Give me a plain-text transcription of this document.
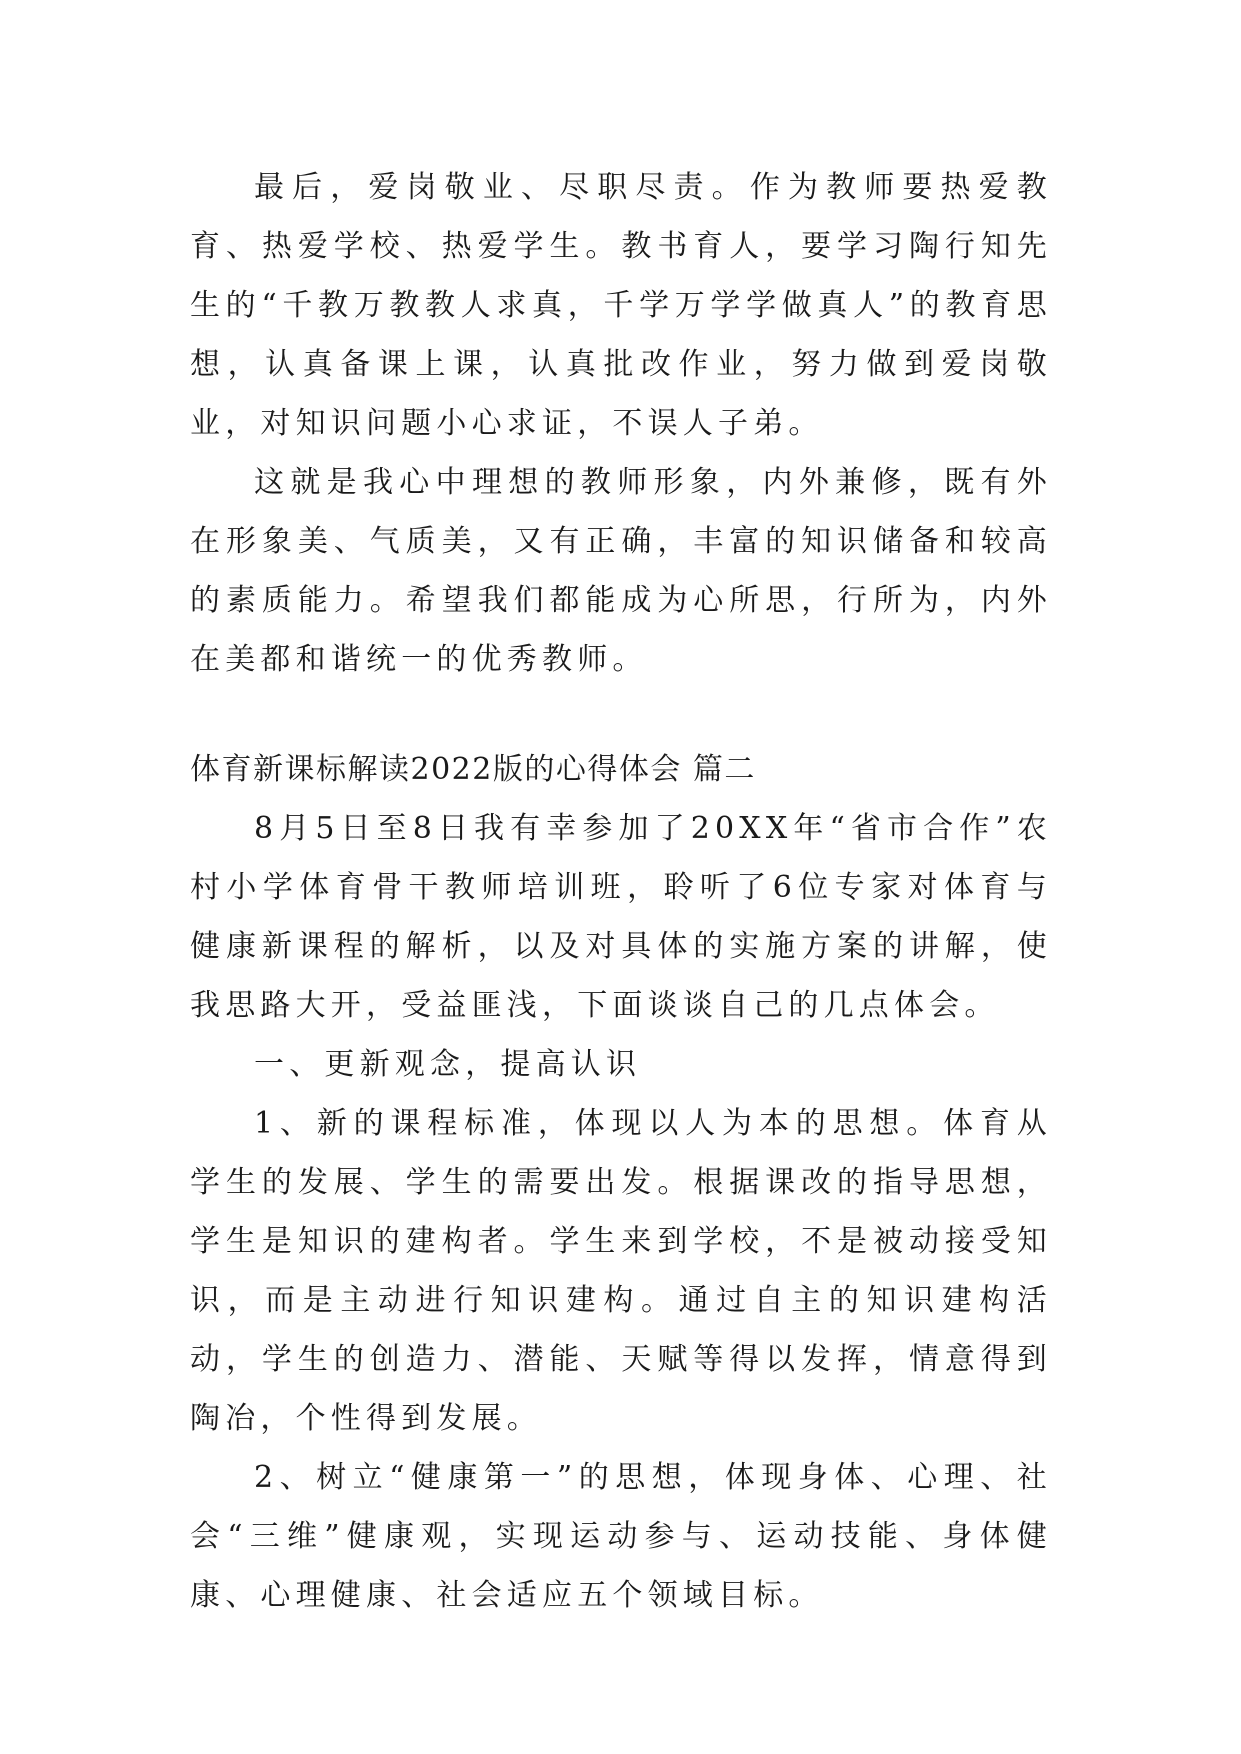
最后，爱岗敬业、尽职尽责。作为教师要热爱教育、热爱学校、热爱学生。教书育人，要学习陶行知先生的“千教万教教人求真，千学万学学做真人”的教育思想，认真备课上课，认真批改作业，努力做到爱岗敬业，对知识问题小心求证，不误人子弟。

这就是我心中理想的教师形象，内外兼修，既有外在形象美、气质美，又有正确，丰富的知识储备和较高的素质能力。希望我们都能成为心所思，行所为，内外在美都和谐统一的优秀教师。

体育新课标解读2022版的心得体会 篇二

8月5日至8日我有幸参加了20XX年“省市合作”农村小学体育骨干教师培训班，聆听了6位专家对体育与健康新课程的解析，以及对具体的实施方案的讲解，使我思路大开，受益匪浅，下面谈谈自己的几点体会。

一、更新观念，提高认识

1、新的课程标准，体现以人为本的思想。体育从学生的发展、学生的需要出发。根据课改的指导思想，学生是知识的建构者。学生来到学校，不是被动接受知识，而是主动进行知识建构。通过自主的知识建构活动，学生的创造力、潜能、天赋等得以发挥，情意得到陶冶，个性得到发展。

2、树立“健康第一”的思想，体现身体、心理、社会“三维”健康观，实现运动参与、运动技能、身体健康、心理健康、社会适应五个领域目标。
